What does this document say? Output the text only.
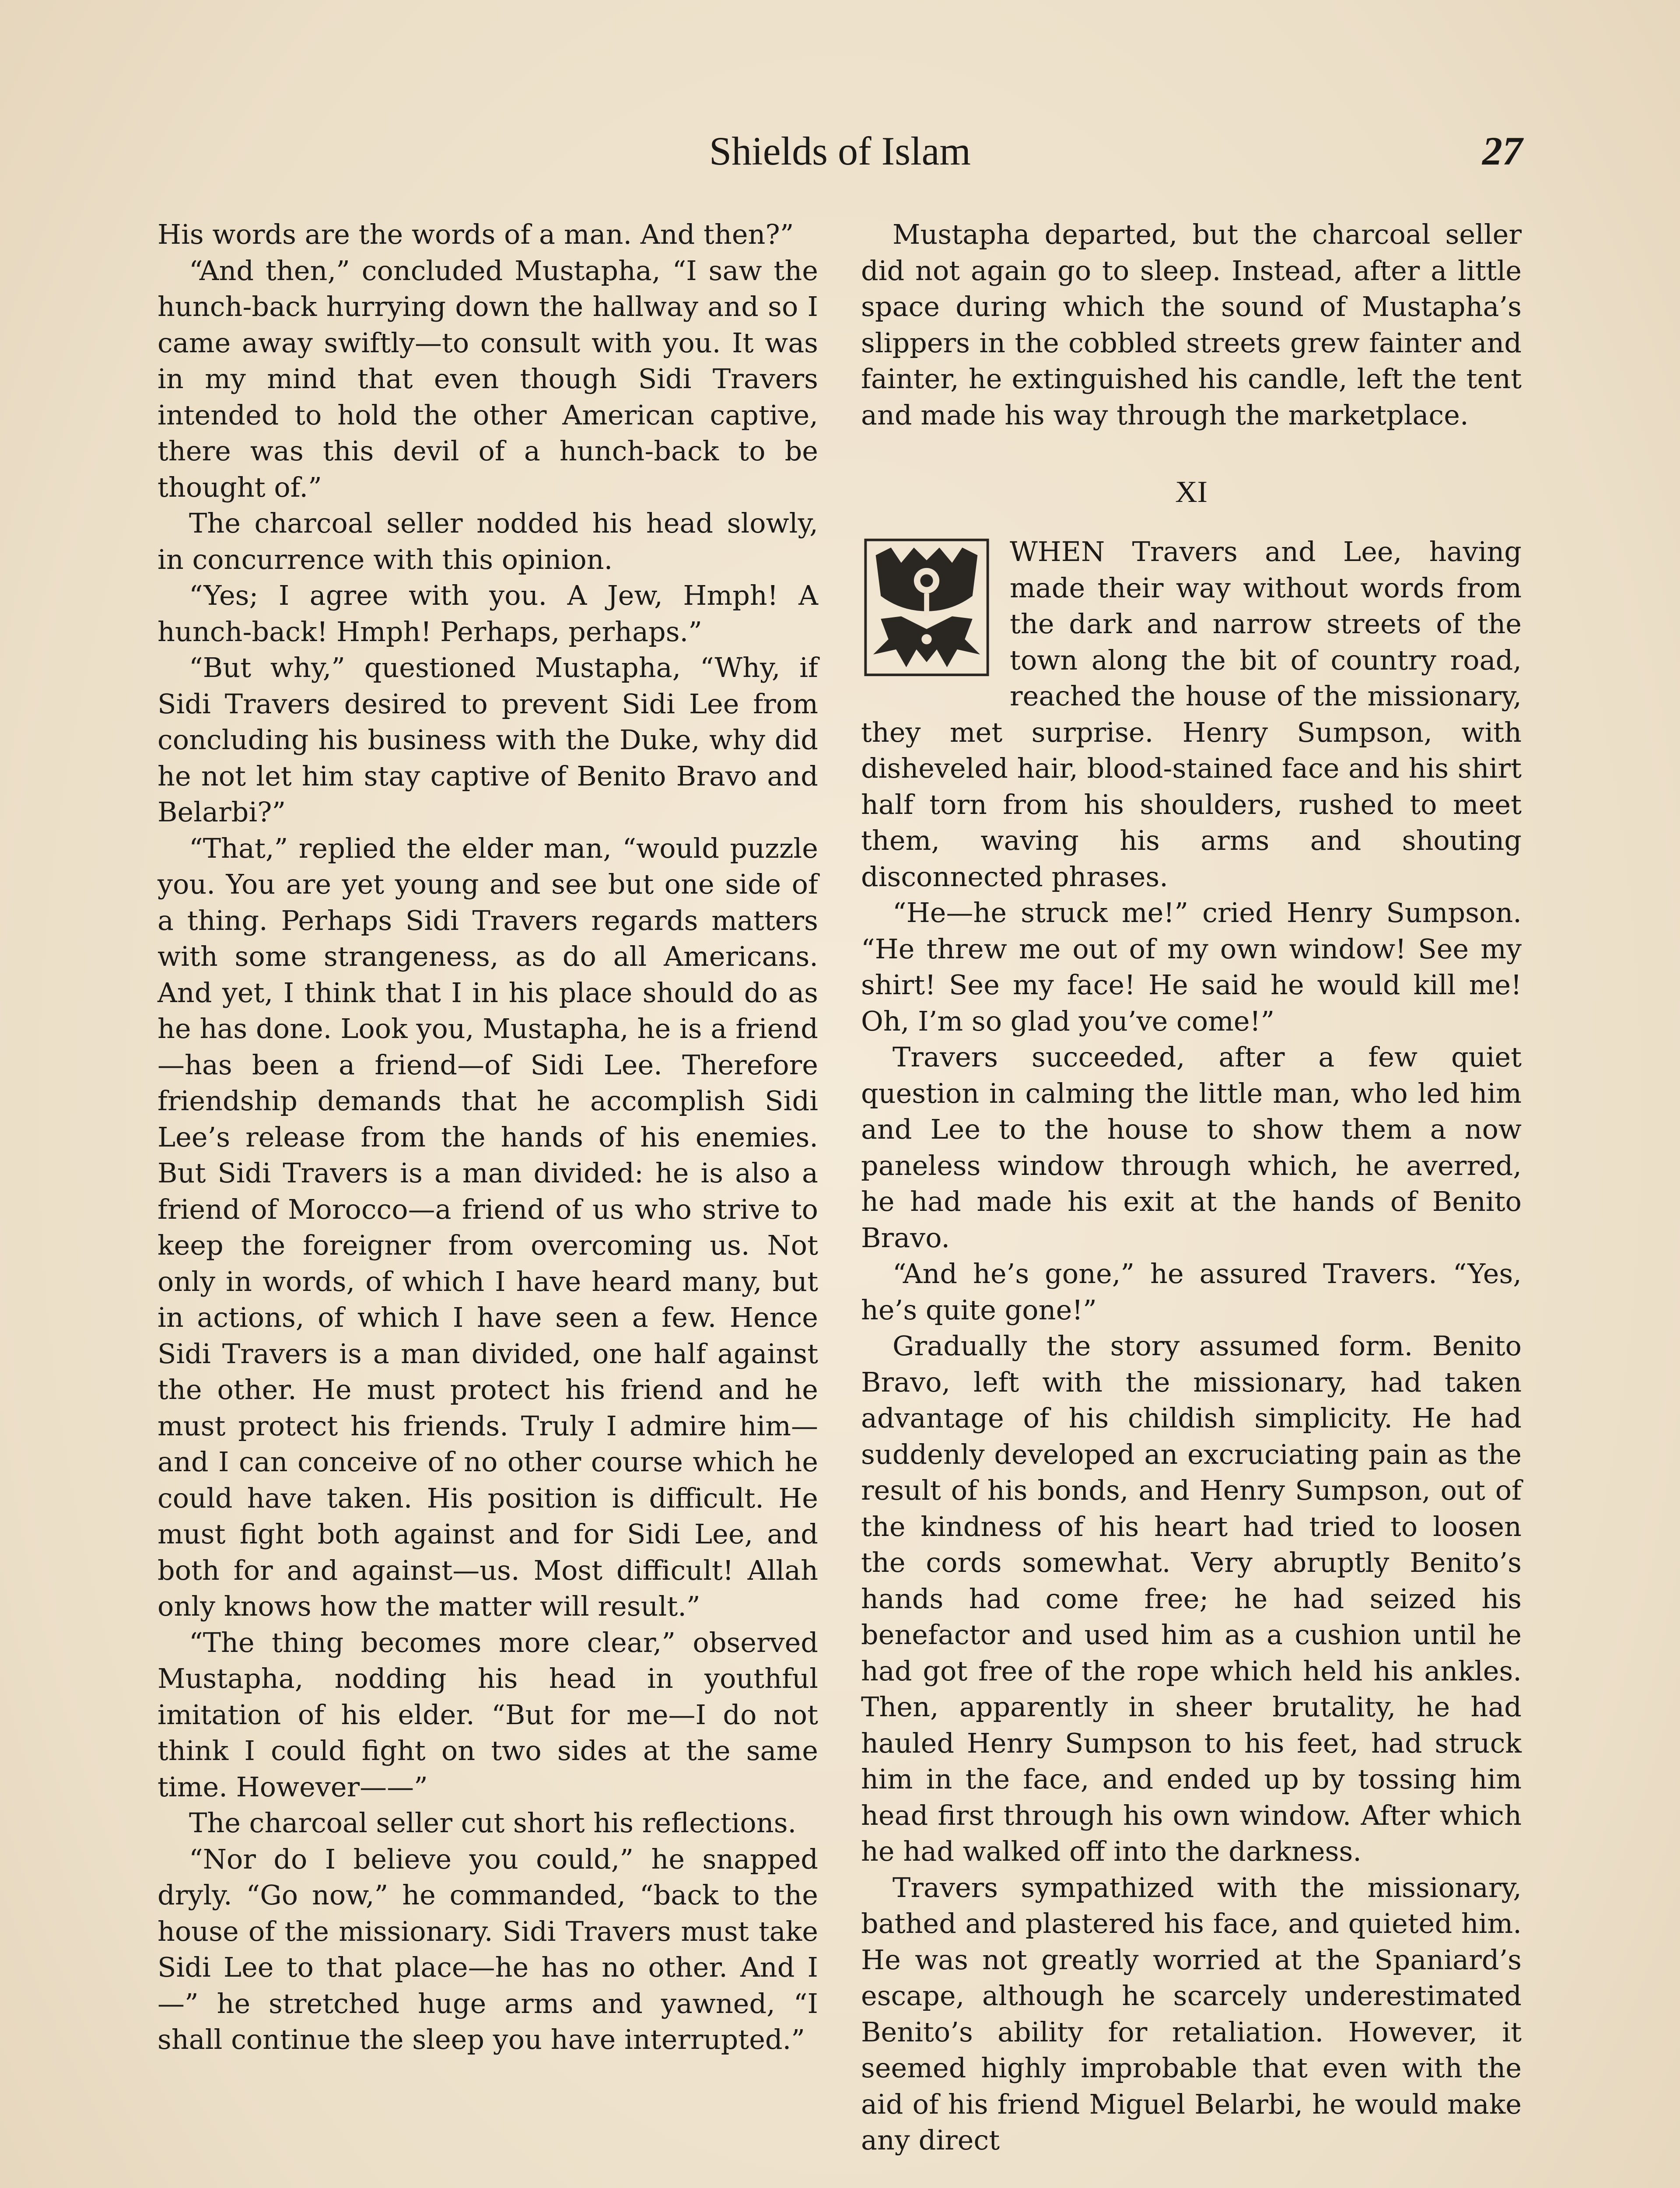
Shields of Islam	27

His words are the words of a man. And then?”

“And then,” concluded Mustapha, “I saw the hunch-back hurrying down the hallway and so I came away swiftly—to consult with you. It was in my mind that even though Sidi Travers intended to hold the other American captive, there was this devil of a hunch-back to be thought of.”

The charcoal seller nodded his head slowly, in concurrence with this opinion.

“Yes; I agree with you. A Jew, Hmph! A hunch-back! Hmph! Perhaps, perhaps.”

“But why,” questioned Mustapha, “Why, if Sidi Travers desired to prevent Sidi Lee from concluding his business with the Duke, why did he not let him stay captive of Benito Bravo and Belarbi?”

“That,” replied the elder man, “would puzzle you. You are yet young and see but one side of a thing. Perhaps Sidi Travers regards matters with some strangeness, as do all Americans. And yet, I think that I in his place should do as he has done. Look you, Mustapha, he is a friend—has been a friend—of Sidi Lee. Therefore friendship demands that he accomplish Sidi Lee’s release from the hands of his enemies. But Sidi Travers is a man divided: he is also a friend of Morocco—a friend of us who strive to keep the foreigner from overcoming us. Not only in words, of which I have heard many, but in actions, of which I have seen a few. Hence Sidi Travers is a man divided, one half against the other. He must protect his friend and he must protect his friends. Truly I admire him—and I can conceive of no other course which he could have taken. His position is difficult. He must fight both against and for Sidi Lee, and both for and against—us. Most difficult! Allah only knows how the matter will result.”

“The thing becomes more clear,” observed Mustapha, nodding his head in youthful imitation of his elder. “But for me—I do not think I could fight on two sides at the same time. However——”

The charcoal seller cut short his reflections.

“Nor do I believe you could,” he snapped dryly. “Go now,” he commanded, “back to the house of the missionary. Sidi Travers must take Sidi Lee to that place—he has no other. And I—” he stretched huge arms and yawned, “I shall continue the sleep you have interrupted.”

Mustapha departed, but the charcoal seller did not again go to sleep. Instead, after a little space during which the sound of Mustapha’s slippers in the cobbled streets grew fainter and fainter, he extinguished his candle, left the tent and made his way through the marketplace.

XI

WHEN Travers and Lee, having made their way without words from the dark and narrow streets of the town along the bit of country road, reached the house of the missionary, they met surprise. Henry Sumpson, with disheveled hair, blood-stained face and his shirt half torn from his shoulders, rushed to meet them, waving his arms and shouting disconnected phrases.

“He—he struck me!” cried Henry Sumpson. “He threw me out of my own window! See my shirt! See my face! He said he would kill me! Oh, I’m so glad you’ve come!”

Travers succeeded, after a few quiet question in calming the little man, who led him and Lee to the house to show them a now paneless window through which, he averred, he had made his exit at the hands of Benito Bravo.

“And he’s gone,” he assured Travers. “Yes, he’s quite gone!”

Gradually the story assumed form. Benito Bravo, left with the missionary, had taken advantage of his childish simplicity. He had suddenly developed an excruciating pain as the result of his bonds, and Henry Sumpson, out of the kindness of his heart had tried to loosen the cords somewhat. Very abruptly Benito’s hands had come free; he had seized his benefactor and used him as a cushion until he had got free of the rope which held his ankles. Then, apparently in sheer brutality, he had hauled Henry Sumpson to his feet, had struck him in the face, and ended up by tossing him head first through his own window. After which he had walked off into the darkness.

Travers sympathized with the missionary, bathed and plastered his face, and quieted him. He was not greatly worried at the Spaniard’s escape, although he scarcely underestimated Benito’s ability for retaliation. However, it seemed highly improbable that even with the aid of his friend Miguel Belarbi, he would make any direct
